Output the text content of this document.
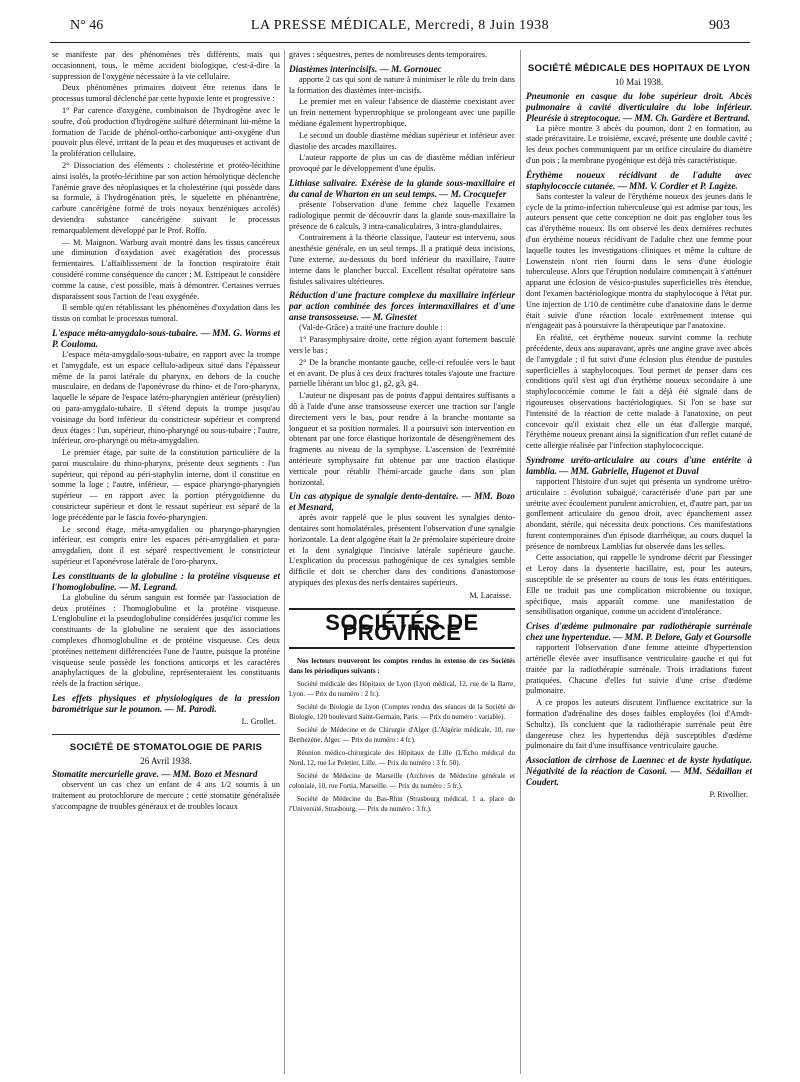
N° 46	LA PRESSE MÉDICALE, Mercredi, 8 Juin 1938	903

se manifeste par des phénomènes très différents, mais qui occasionnent, tous, le même accident biologique, c'est-à-dire la suppression de l'oxygène nécessaire à la vie cellulaire.

Deux phénomènes primaires doivent être retenus dans le processus tumoral déclenché par cette hypoxie lente et progressive :

1° Par carence d'oxygène, combinaison de l'hydrogène avec le soufre, d'où production d'hydrogène sulfuré déterminant lui-même la formation de l'acide de phénol-ortho-carbonique anti-oxygène d'un pouvoir plus élevé, irritant de la peau et des muqueuses et activant de la prolifération cellulaire.

2° Dissociation des éléments : cholestérine et protéo-lécithine ainsi isolés, la protéo-lécithine par son action hémolytique déclenche l'anémie grave des néoplasiques et la cholestérine (qui possède dans sa formule, à l'hydrogénation près, le squelette en phénantrène, carbure cancérigène formé de trois noyaux benzéniques accolés) deviendra substance cancérigène suivant le processus remarquablement développé par le Prof. Roffo.

— M. Maignon. Warburg avait montré dans les tissus cancéreux une diminution d'oxydation avec exagération des processus fermentaires. L'affaiblissement de la fonction respiratoire était considéré comme conséquence du cancer ; M. Estripeaut le considère comme la cause, c'est possible, mais à démontrer. Certaines verrues disparaissent sous l'action de l'eau oxygénée.

Il semble qu'en rétablissant les phénomènes d'oxydation dans les tissus on combat le processus tumoral.

L'espace méta-amygdalo-sous-tubaire. — MM. G. Worms et P. Couloma.

L'espace méta-amygdalo-sous-tubaire, en rapport avec la trompe et l'amygdale, est un espace cellulo-adipeux situé dans l'épaisseur même de la paroi latérale du pharynx, en dehors de la couche musculaire, en dedans de l'aponévrose du rhino- et de l'oro-pharynx, laquelle le sépare de l'espace latéro-pharyngien antérieur (préstylien) ou para-amygdalo-tubaire. Il s'étend depuis la trompe jusqu'au voisinage du bord inférieur du constricteur supérieur et comprend deux étages : l'un, supérieur, rhino-pharyngé ou sous-tubaire ; l'autre, inférieur, oro-pharyngé ou méta-amygdalien.

Le premier étage, par suite de la constitution particulière de la paroi musculaire du rhino-pharynx, présente deux segments : l'un supérieur, qui répond au péri-staphylin interne, dont il constitue en somme la loge ; l'autre, inférieur, — espace pharyngo-pharyngien supérieur — en rapport avec la portion ptérygoïdienne du constricteur supérieur et dont le ressaut supérieur est séparé de la loge précédente par le fascia fovéo-pharyngien.

Le second étage, méta-amygdalien ou pharyngo-pharyngien inférieur, est compris entre les espaces péri-amygdalien et para-amygdalien, dont il est séparé respectivement le constricteur supérieur et l'aponévrose latérale de l'oro-pharynx.

Les constituants de la globuline : la protéine visqueuse et l'homoglobuline. — M. Legrand.

La globuline du sérum sanguin est formée par l'association de deux protéines : l'homoglobuline et la protéine visqueuse. L'englobuline et la pseudoglobuline considérées jusqu'ici comme les constituants de la globuline ne seraient que des associations complexes d'homoglobuline et de protéine visqueuse. Ces deux protéines nettement différenciées l'une de l'autre, puisque la protéine visqueuse seule possède les fonctions anticorps et les caractères anaphylactiques de la globuline, représenteraient les constituants réels de la fraction sérique.

Les effets physiques et physiologiques de la pression barométrique sur le poumon. — M. Parodi.
L. Grollet.
SOCIÉTÉ DE STOMATOLOGIE DE PARIS
26 Avril 1938.
Stomatite mercurielle grave. — MM. Bozo et Mesnard

observent un cas chez un enfant de 4 ans 1/2 soumis à un traitement au protochlorure de mercure ; cette stomatite généralisée s'accompagne de troubles généraux et de troubles locaux

graves : séquestres, pertes de nombreuses dents temporaires.

Diastèmes interincisifs. — M. Gornouec

apporte 2 cas qui sont de nature à minimiser le rôle du frein dans la formation des diastèmes inter-incisifs.

Le premier met en valeur l'absence de diastème coexistant avec un frein nettement hypertrophique se prolongeant avec une papille médiane également hypertrophique.

Le second un double diastème médian supérieur et inférieur avec diastolie des arcades maxillaires.

L'auteur rapporte de plus un cas de diastème médian inférieur provoqué par le développement d'une épulis.

Lithiase salivaire. Exérèse de la glande sous-maxillaire et du canal de Wharton en un seul temps. — M. Crocquefer

présente l'observation d'une femme chez laquelle l'examen radiologique permit de découvrir dans la glande sous-maxillaire la présence de 6 calculs, 3 intra-canaliculaires, 3 intra-glandulaires.

Contrairement à la théorie classique, l'auteur est intervenu, sous anesthésie générale, en un seul temps. Il a pratiqué deux incisions, l'une externe, au-dessous du bord inférieur du maxillaire, l'autre interne dans le plancher buccal. Excellent résultat opératoire sans fistules salivaires ultérieures.

Réduction d'une fracture complexe du maxillaire inférieur par action combinée des forces intermaxillaires et d'une anse transosseuse. — M. Ginestet

(Val-de-Grâce) a traité une fracture double :

1° Parasymphysaire droite, cette région ayant fortement basculé vers le bas ;

2° De la branche montante gauche, celle-ci refoulée vers le haut et en avant. De plus à ces deux fractures totales s'ajoute une fracture partielle libérant un bloc g1, g2, g3, g4.

L'auteur ne disposant pas de points d'appui dentaires suffisants a dû à l'aide d'une anse transosseuse exercer une traction sur l'angle directement vers le bas, pour rendre à la branche montante sa longueur et sa position normales. Il a poursuivi son intervention en obtenant par une force élastique horizontale de désengrènement des fragments au niveau de la symphyse. L'ascension de l'extrémité antérieure symphysaire fut obtenue par une traction élastique verticale pour rétablir l'hémi-arcade gauche dans son plan horizontal.

Un cas atypique de synalgie dento-dentaire. — MM. Bozo et Mesnard,

après avoir rappelé que le plus souvent les synalgies dento-dentaires sont homolatérales, présentent l'observation d'une synalgie horizontale. La dent algogène était la 2e prémolaire supérieure droite et la dent synalgique l'incisive latérale supérieure gauche. L'explication du processus pathogénique de ces synalgies semble difficile et doit se chercher dans des conditions d'anastomose atypiques des plexus des nerfs dentaires supérieurs.

M. Lacaisse.
SOCIÉTÉS DE PROVINCE

Nos lecteurs trouveront les comptes rendus in extenso de ces Sociétés dans les périodiques suivants :

Société médicale des Hôpitaux de Lyon (Lyon médical, 12, rue de la Barre, Lyon. — Prix du numéro : 2 fr.).

Société de Biologie de Lyon (Comptes rendus des séances de la Société de Biologie, 120 boulevard Saint-Germain, Paris. — Prix du numéro : variable).

Société de Médecine et de Chirurgie d'Alger (L'Algérie médicale, 10, rue Berthezène, Alger. — Prix du numéro : 4 fr.).

Réunion médico-chirurgicale des Hôpitaux de Lille (L'Écho médical du Nord, 12, rue Le Peletier, Lille. — Prix du numéro : 3 fr. 50).

Société de Médecine de Marseille (Archives de Médecine générale et coloniale, 10, rue Fortia, Marseille. — Prix du numéro : 5 fr.).

Société de Médecine du Bas-Rhin (Strasbourg médical, 1 a, place de l'Université, Strasbourg. — Prix du numéro : 3 fr.).

SOCIÉTÉ MÉDICALE DES HOPITAUX DE LYON
10 Mai 1938.
Pneumonie en casque du lobe supérieur droit. Abcès pulmonaire à cavité diverticulaire du lobe inférieur. Pleurésie à streptocoque. — MM. Ch. Gardère et Bertrand.

La pièce montre 3 abcès du poumon, dont 2 en formation, au stade précavitaire. Le troisième, excavé, présente une double cavité ; les deux poches communiquent par un orifice circulaire du diamètre d'un pois ; la membrane pyogénique est déjà très caractéristique.

Érythème noueux récidivant de l'adulte avec staphylococcie cutanée. — MM. V. Cordier et P. Lagèze.

Sans contester la valeur de l'érythème noueux des jeunes dans le cycle de la primo-infection tuberculeuse qui est admise par tous, les auteurs pensent que cette conception ne doit pas englober tous les cas d'érythème noueux. Ils ont observé les deux dernières rechutes d'un érythème noueux récidivant de l'adulte chez une femme pour laquelle toutes les investigations cliniques et même la culture de Lowenstein n'ont rien fourni dans le sens d'une étiologie tuberculeuse. Alors que l'éruption nodulaire commençait à s'atténuer apparut une éclosion de vésico-pustules superficielles très étendue, dont l'examen bactériologique montra du staphylocoque à l'état pur. Une injection de 1/10 de centimètre cube d'anatoxine dans le derme était suivie d'une réaction locale extrêmement intense qui n'engageait pas à poursuivre la thérapeutique par l'anatoxine.

En réalité, cet érythème noueux survint comme la rechute précédente, deux ans auparavant, après une angine grave avec abcès de l'amygdale ; il fut suivi d'une éclosion plus étendue de pustules superficielles à staphylocoques. Tout permet de penser dans ces conditions qu'il s'est agi d'un érythème noueux secondaire à une staphylococcémie comme le fait a déjà été signalé dans de rigoureuses observations bactériologiques. Si l'on se base sur l'intensité de la réaction de cette malade à l'anatoxine, on peut concevoir qu'il existait chez elle un état d'allergie marqué, l'érythème noueux prenant ainsi la signification d'un reflet cutané de cette allergie réalisée par l'infection staphylococcique.

Syndrome uréto-articulaire au cours d'une entérite à lamblia. — MM. Gabrielle, Hugenot et Duval

rapportent l'histoire d'un sujet qui présenta un syndrome urétro-articulaire : évolution subaiguë, caractérisée d'une part par une urétrite avec écoulement purulent amicrobien, et, d'autre part, par un gonflement articulaire du genou droit, avec épanchement assez abondant, stérile, qui nécessita deux ponctions. Ces manifestations furent contemporaines d'un épisode diarrhéique, au cours duquel la présence de nombreux Lamblias fut observée dans les selles.

Cette association, qui rappelle le syndrome décrit par Fiessinger et Leroy dans la dysenterie bacillaire, est, pour les auteurs, susceptible de se présenter au cours de tous les états entéritiques. Elle ne traduit pas une complication microbienne ou toxique, spécifique, mais apparaît comme une manifestation de sensibilisation organique, comme un accident d'intolérance.

Crises d'œdème pulmonaire par radiothérapie surrénale chez une hypertendue. — MM. P. Delore, Galy et Goursolle

rapportent l'observation d'une femme atteinte d'hypertension artérielle élevée avec insuffisance ventriculaire gauche et qui fut traitée par la radiothérapie surrénale. Trois irradiations furent pratiquées. Chacune d'elles fut suivie d'une crise d'œdème pulmonaire.

A ce propos les auteurs discutent l'influence excitatrice sur la formation d'adrénaline des doses faibles employées (loi d'Arndt-Schultz). Ils concluent que la radiothérapie surrénale peut être dangereuse chez les hypertendus déjà susceptibles d'œdème pulmonaire du fait d'une insuffisance ventriculaire gauche.

Association de cirrhose de Laennec et de kyste hydatique. Négativité de la réaction de Casoni. — MM. Sédaillan et Coudert.
P. Rivollier.
